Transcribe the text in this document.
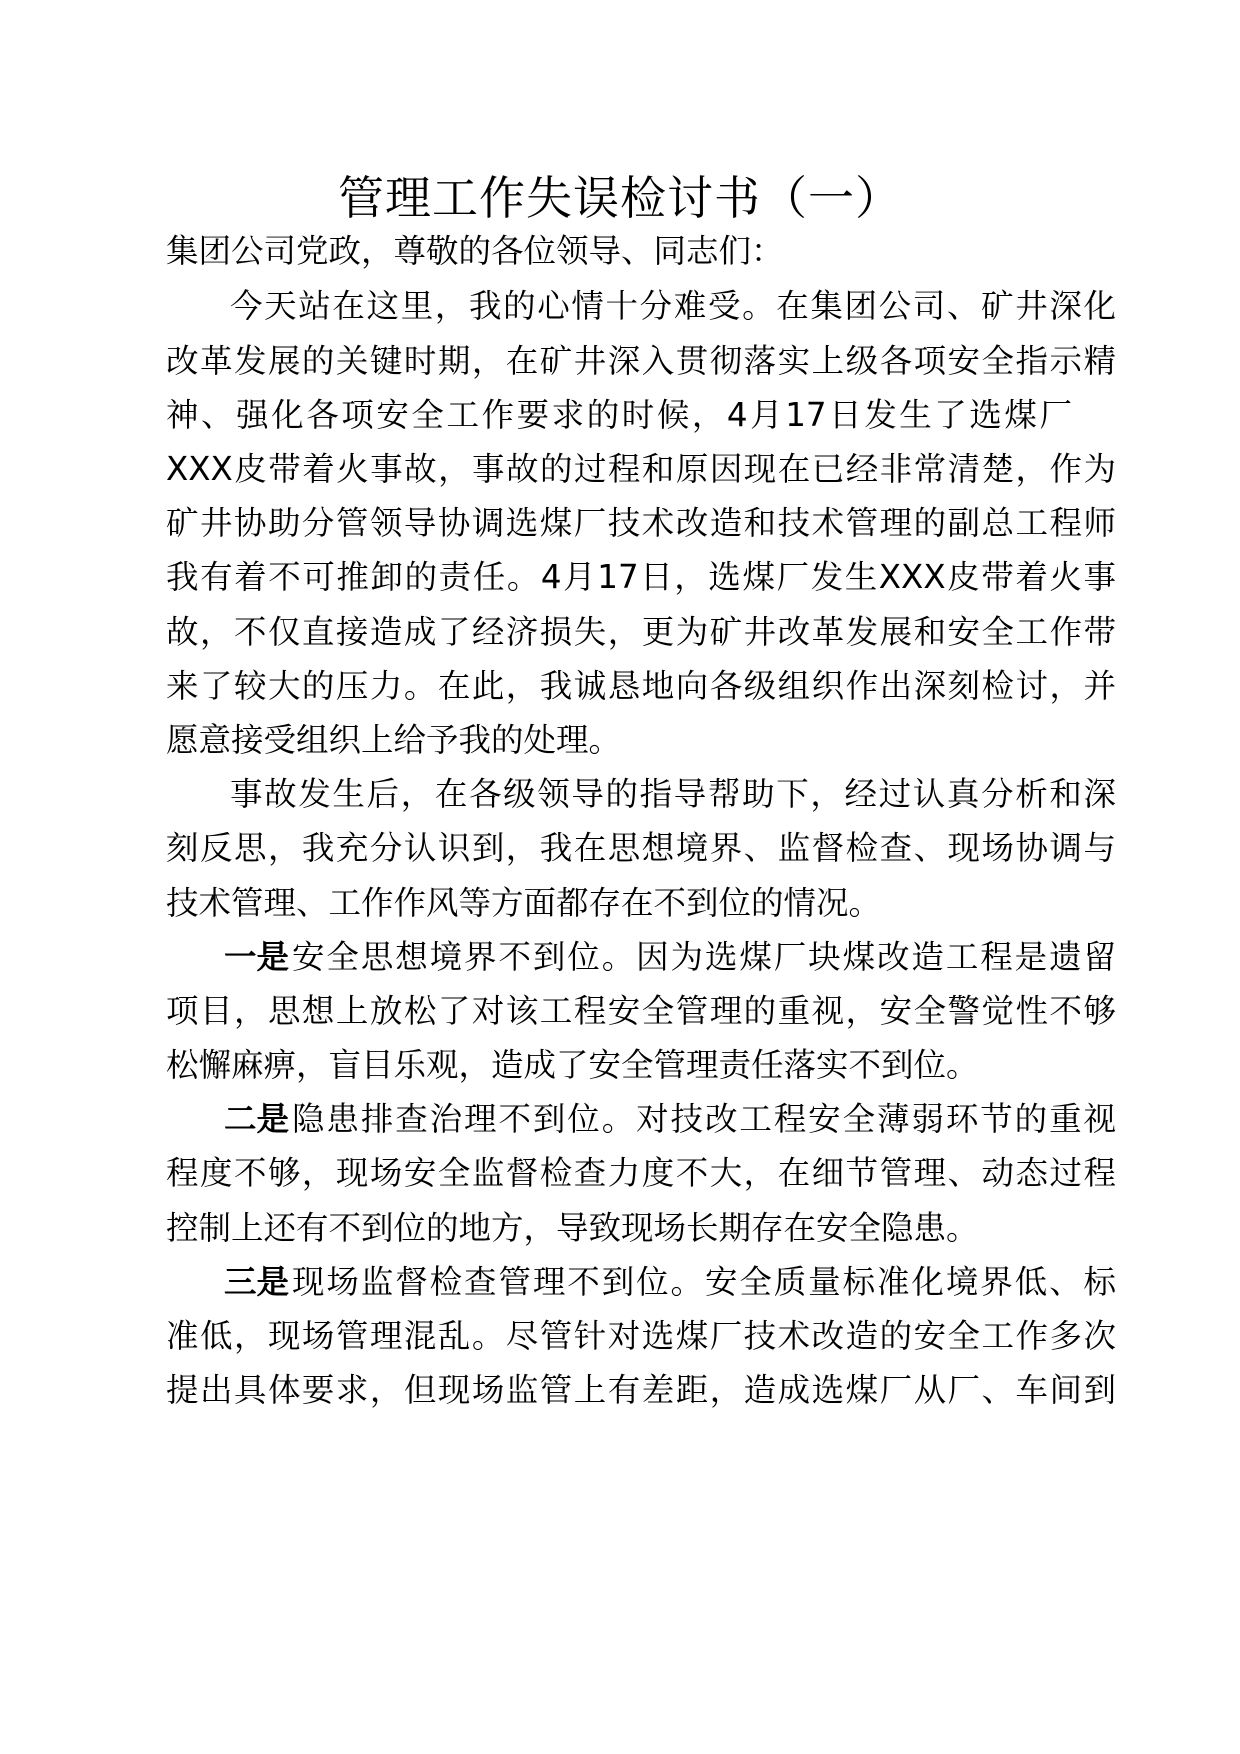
管理工作失误检讨书（一）
集团公司党政，尊敬的各位领导、同志们：
今天站在这里，我的心情十分难受。在集团公司、矿井深化
改革发展的关键时期，在矿井深入贯彻落实上级各项安全指示精
神、强化各项安全工作要求的时候，4月17日发生了选煤厂
XXX皮带着火事故，事故的过程和原因现在已经非常清楚，作为
矿井协助分管领导协调选煤厂技术改造和技术管理的副总工程师
我有着不可推卸的责任。4月17日，选煤厂发生XXX皮带着火事
故，不仅直接造成了经济损失，更为矿井改革发展和安全工作带
来了较大的压力。在此，我诚恳地向各级组织作出深刻检讨，并
愿意接受组织上给予我的处理。
事故发生后，在各级领导的指导帮助下，经过认真分析和深
刻反思，我充分认识到，我在思想境界、监督检查、现场协调与
技术管理、工作作风等方面都存在不到位的情况。
一是 安全思想境界不到位。因为选煤厂块煤改造工程是遗留
项目，思想上放松了对该工程安全管理的重视，安全警觉性不够
松懈麻痹，盲目乐观，造成了安全管理责任落实不到位。
二是 隐患排查治理不到位。对技改工程安全薄弱环节的重视
程度不够，现场安全监督检查力度不大，在细节管理、动态过程
控制上还有不到位的地方，导致现场长期存在安全隐患。
三是 现场监督检查管理不到位。安全质量标准化境界低、标
准低，现场管理混乱。尽管针对选煤厂技术改造的安全工作多次
提出具体要求，但现场监管上有差距，造成选煤厂从厂、车间到
